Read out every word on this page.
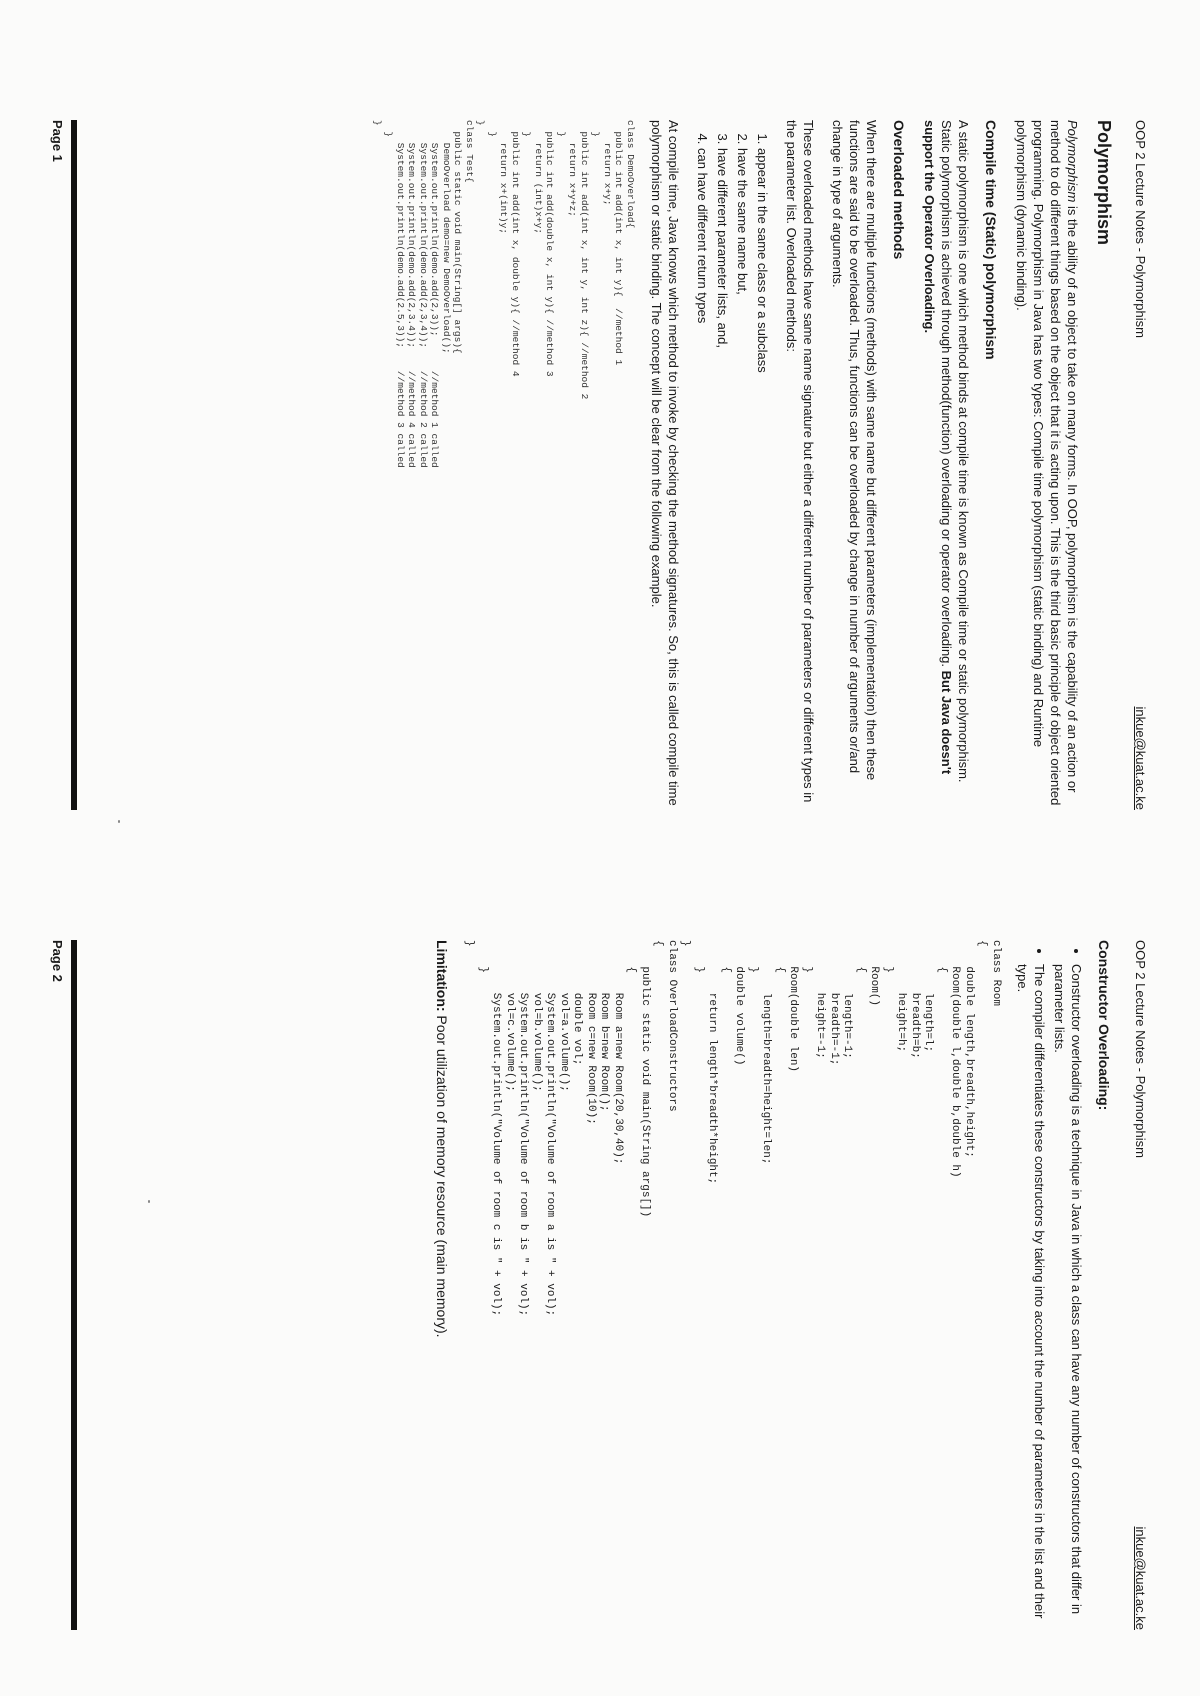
OOP 2 Lecture Notes - Polymorphism
inkue@kuat.ac.ke
Polymorphism

Polymorphism is the ability of an object to take on many forms. In OOP, polymorphism is the capability of an action or method to do different things based on the object that it is acting upon. This is the third basic principle of object oriented programming. Polymorphism in Java has two types: Compile time polymorphism (static binding) and Runtime polymorphism (dynamic binding).

Compile time (Static) polymorphism

A static polymorphism is one which method binds at compile time is known as Compile time or static polymorphism. Static polymorphism is achieved through method(function) overloading or operator overloading. But Java doesn't support the Operator Overloading.

Overloaded methods

When there are multiple functions (methods) with same name but different parameters (implementation) then these functions are said to be overloaded. Thus, functions can be overloaded by change in number of arguments or/and change in type of arguments.

These overloaded methods have same name signature but either a different number of parameters or different types in the parameter list. Overloaded methods:

1. appear in the same class or a subclass
2. have the same name but,
3. have different parameter lists, and,
4. can have different return types

At compile time, Java knows which method to invoke by checking the method signatures. So, this is called compile time polymorphism or static binding. The concept will be clear from the following example.

class DemoOverload{
public int add(int x, int y){  //method 1
return x+y;
}
public int add(int x, int y, int z){ //method 2
return x+y+z;
}
public int add(double x, int y){ //method 3
return (int)x+y;
}
public int add(int x, double y){ //method 4
return x+(int)y;
}
}
class Test{
public static void main(String[] args){
DemoOverload demo=new DemoOverload();
System.out.println(demo.add(2,3));      //method 1 called
System.out.println(demo.add(2,3,4));    //method 2 called
System.out.println(demo.add(2,3.4));    //method 4 called
System.out.println(demo.add(2.5,3));    //method 3 called
}
}
Page 1
OOP 2 Lecture Notes - Polymorphism
inkue@kuat.ac.ke
Constructor Overloading:
• Constructor overloading is a technique in Java in which a class can have any number of constructors that differ in parameter lists.
• The compiler differentiates these constructors by taking into account the number of parameters in the list and their type.
class Room
{
double length,breadth,height;
Room(double l,double b,double h)
{
length=l;
breadth=b;
height=h;
}
Room()
{
length=-1;
breadth=-1;
height=-1;
}
Room(double len)
{
length=breadth=height=len;
}
double volume()
{
return length*breadth*height;
}
}
class OverloadConstructors
{
public static void main(String args[])
{
Room a=new Room(20,30,40);
Room b=new Room();
Room c=new Room(10);
double vol;
vol=a.volume();
System.out.println("Volume of room a is " + vol);
vol=b.volume();
System.out.println("Volume of room b is " + vol);
vol=c.volume();
System.out.println("Volume of room c is " + vol);
}
}

Limitation: Poor utilization of memory resource (main memory).

Page 2
